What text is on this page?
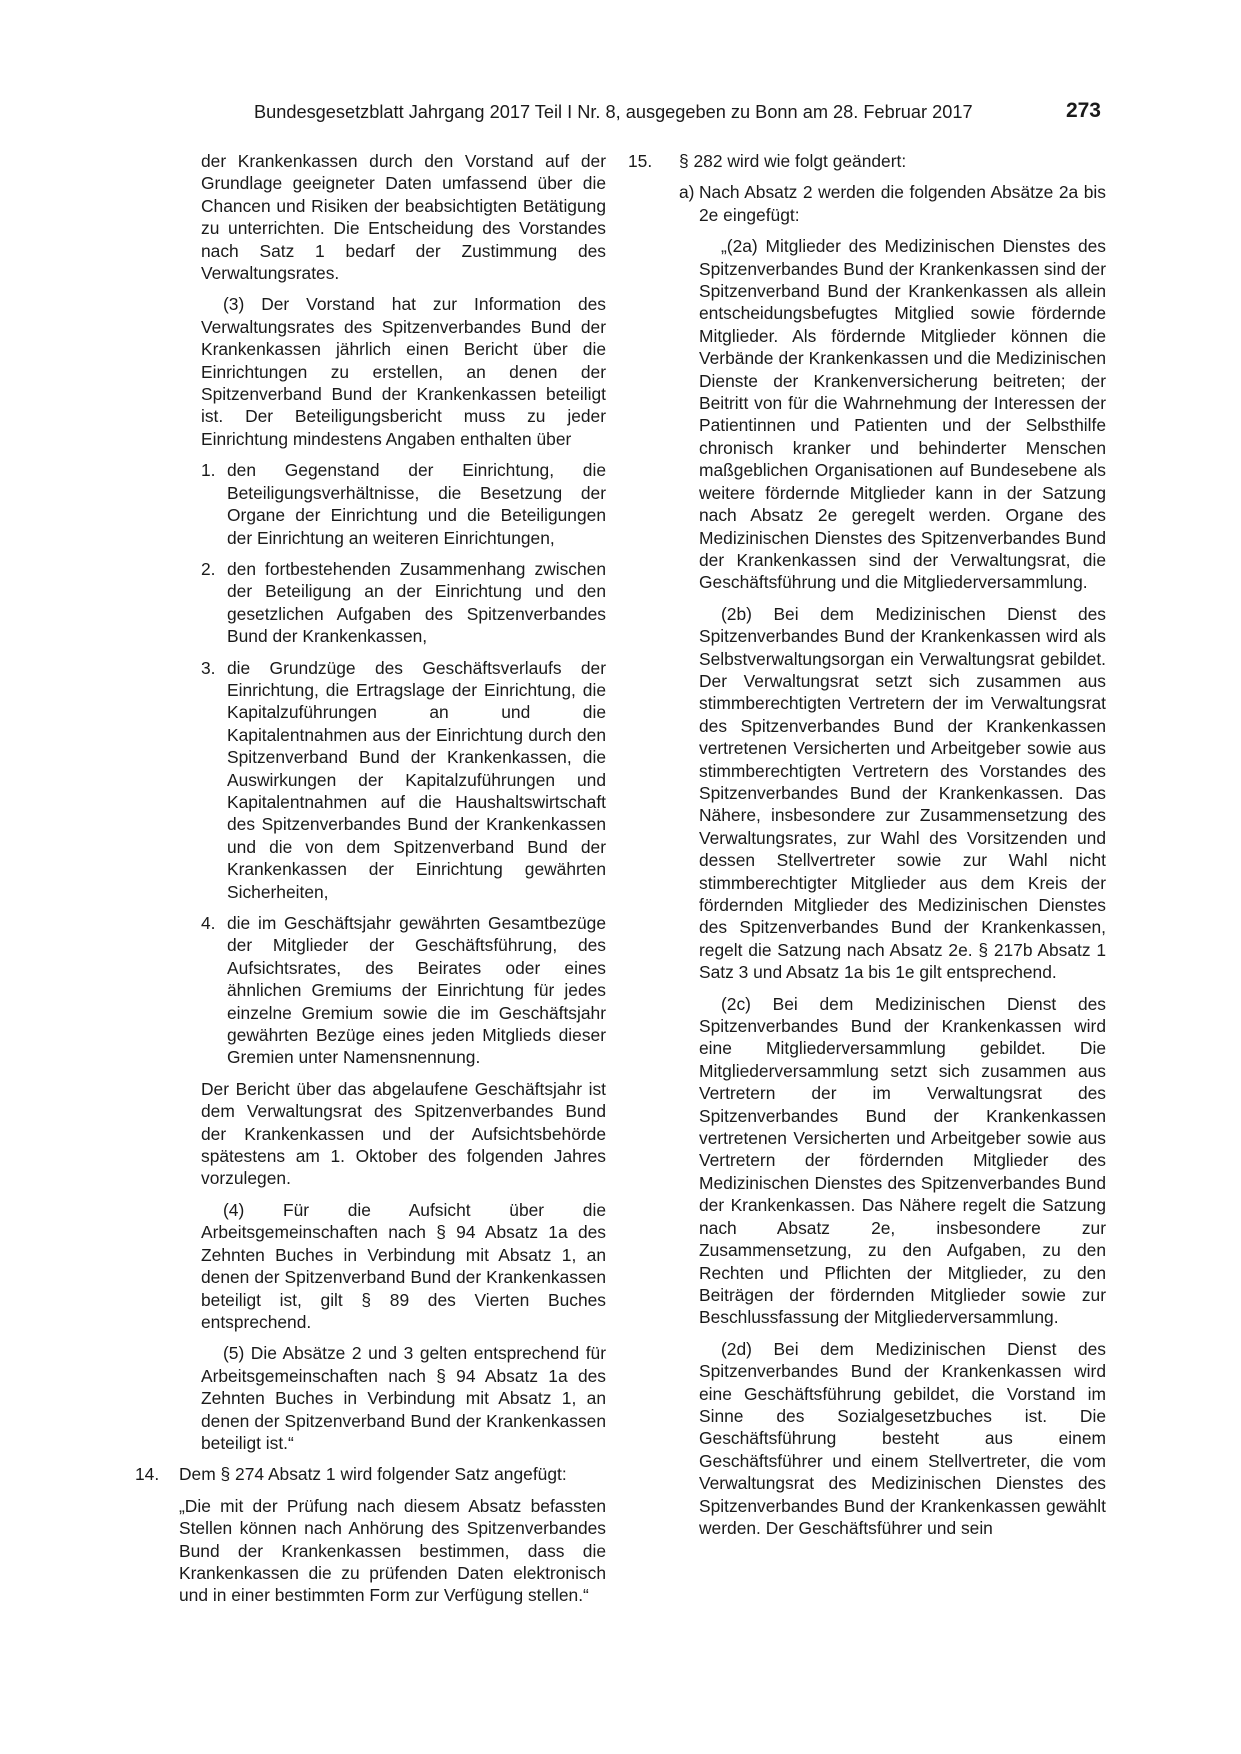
Bundesgesetzblatt Jahrgang 2017 Teil I Nr. 8, ausgegeben zu Bonn am 28. Februar 2017	273

der Krankenkassen durch den Vorstand auf der Grundlage geeigneter Daten umfassend über die Chancen und Risiken der beabsichtigten Betätigung zu unterrichten. Die Entscheidung des Vorstandes nach Satz 1 bedarf der Zustimmung des Verwaltungsrates.

(3) Der Vorstand hat zur Information des Verwaltungsrates des Spitzenverbandes Bund der Krankenkassen jährlich einen Bericht über die Einrichtungen zu erstellen, an denen der Spitzenverband Bund der Krankenkassen beteiligt ist. Der Beteiligungsbericht muss zu jeder Einrichtung mindestens Angaben enthalten über

1. den Gegenstand der Einrichtung, die Beteiligungsverhältnisse, die Besetzung der Organe der Einrichtung und die Beteiligungen der Einrichtung an weiteren Einrichtungen,
2. den fortbestehenden Zusammenhang zwischen der Beteiligung an der Einrichtung und den gesetzlichen Aufgaben des Spitzenverbandes Bund der Krankenkassen,
3. die Grundzüge des Geschäftsverlaufs der Einrichtung, die Ertragslage der Einrichtung, die Kapitalzuführungen an und die Kapitalentnahmen aus der Einrichtung durch den Spitzenverband Bund der Krankenkassen, die Auswirkungen der Kapitalzuführungen und Kapitalentnahmen auf die Haushaltswirtschaft des Spitzenverbandes Bund der Krankenkassen und die von dem Spitzenverband Bund der Krankenkassen der Einrichtung gewährten Sicherheiten,
4. die im Geschäftsjahr gewährten Gesamtbezüge der Mitglieder der Geschäftsführung, des Aufsichtsrates, des Beirates oder eines ähnlichen Gremiums der Einrichtung für jedes einzelne Gremium sowie die im Geschäftsjahr gewährten Bezüge eines jeden Mitglieds dieser Gremien unter Namensnennung.

Der Bericht über das abgelaufene Geschäftsjahr ist dem Verwaltungsrat des Spitzenverbandes Bund der Krankenkassen und der Aufsichtsbehörde spätestens am 1. Oktober des folgenden Jahres vorzulegen.

(4) Für die Aufsicht über die Arbeitsgemeinschaften nach § 94 Absatz 1a des Zehnten Buches in Verbindung mit Absatz 1, an denen der Spitzenverband Bund der Krankenkassen beteiligt ist, gilt § 89 des Vierten Buches entsprechend.

(5) Die Absätze 2 und 3 gelten entsprechend für Arbeitsgemeinschaften nach § 94 Absatz 1a des Zehnten Buches in Verbindung mit Absatz 1, an denen der Spitzenverband Bund der Krankenkassen beteiligt ist.“

14. Dem § 274 Absatz 1 wird folgender Satz angefügt:

„Die mit der Prüfung nach diesem Absatz befassten Stellen können nach Anhörung des Spitzenverbandes Bund der Krankenkassen bestimmen, dass die Krankenkassen die zu prüfenden Daten elektronisch und in einer bestimmten Form zur Verfügung stellen.“

15. § 282 wird wie folgt geändert:
a) Nach Absatz 2 werden die folgenden Absätze 2a bis 2e eingefügt:

„(2a) Mitglieder des Medizinischen Dienstes des Spitzenverbandes Bund der Krankenkassen sind der Spitzenverband Bund der Krankenkassen als allein entscheidungsbefugtes Mitglied sowie fördernde Mitglieder. Als fördernde Mitglieder können die Verbände der Krankenkassen und die Medizinischen Dienste der Krankenversicherung beitreten; der Beitritt von für die Wahrnehmung der Interessen der Patientinnen und Patienten und der Selbsthilfe chronisch kranker und behinderter Menschen maßgeblichen Organisationen auf Bundesebene als weitere fördernde Mitglieder kann in der Satzung nach Absatz 2e geregelt werden. Organe des Medizinischen Dienstes des Spitzenverbandes Bund der Krankenkassen sind der Verwaltungsrat, die Geschäftsführung und die Mitgliederversammlung.

(2b) Bei dem Medizinischen Dienst des Spitzenverbandes Bund der Krankenkassen wird als Selbstverwaltungsorgan ein Verwaltungsrat gebildet. Der Verwaltungsrat setzt sich zusammen aus stimmberechtigten Vertretern der im Verwaltungsrat des Spitzenverbandes Bund der Krankenkassen vertretenen Versicherten und Arbeitgeber sowie aus stimmberechtigten Vertretern des Vorstandes des Spitzenverbandes Bund der Krankenkassen. Das Nähere, insbesondere zur Zusammensetzung des Verwaltungsrates, zur Wahl des Vorsitzenden und dessen Stellvertreter sowie zur Wahl nicht stimmberechtigter Mitglieder aus dem Kreis der fördernden Mitglieder des Medizinischen Dienstes des Spitzenverbandes Bund der Krankenkassen, regelt die Satzung nach Absatz 2e. § 217b Absatz 1 Satz 3 und Absatz 1a bis 1e gilt entsprechend.

(2c) Bei dem Medizinischen Dienst des Spitzenverbandes Bund der Krankenkassen wird eine Mitgliederversammlung gebildet. Die Mitgliederversammlung setzt sich zusammen aus Vertretern der im Verwaltungsrat des Spitzenverbandes Bund der Krankenkassen vertretenen Versicherten und Arbeitgeber sowie aus Vertretern der fördernden Mitglieder des Medizinischen Dienstes des Spitzenverbandes Bund der Krankenkassen. Das Nähere regelt die Satzung nach Absatz 2e, insbesondere zur Zusammensetzung, zu den Aufgaben, zu den Rechten und Pflichten der Mitglieder, zu den Beiträgen der fördernden Mitglieder sowie zur Beschlussfassung der Mitgliederversammlung.

(2d) Bei dem Medizinischen Dienst des Spitzenverbandes Bund der Krankenkassen wird eine Geschäftsführung gebildet, die Vorstand im Sinne des Sozialgesetzbuches ist. Die Geschäftsführung besteht aus einem Geschäftsführer und einem Stellvertreter, die vom Verwaltungsrat des Medizinischen Dienstes des Spitzenverbandes Bund der Krankenkassen gewählt werden. Der Geschäftsführer und sein
